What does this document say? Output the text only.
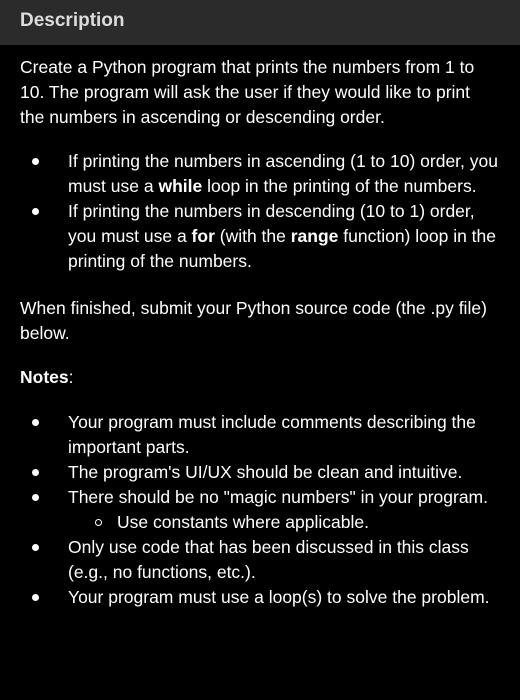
Description

Create a Python program that prints the numbers from 1 to 10. The program will ask the user if they would like to print the numbers in ascending or descending order.

If printing the numbers in ascending (1 to 10) order, you must use a while loop in the printing of the numbers.
If printing the numbers in descending (10 to 1) order, you must use a for (with the range function) loop in the printing of the numbers.

When finished, submit your Python source code (the .py file) below.

Notes:

Your program must include comments describing the important parts.
The program's UI/UX should be clean and intuitive.
There should be no "magic numbers" in your program.
Use constants where applicable.
Only use code that has been discussed in this class (e.g., no functions, etc.).
Your program must use a loop(s) to solve the problem.
